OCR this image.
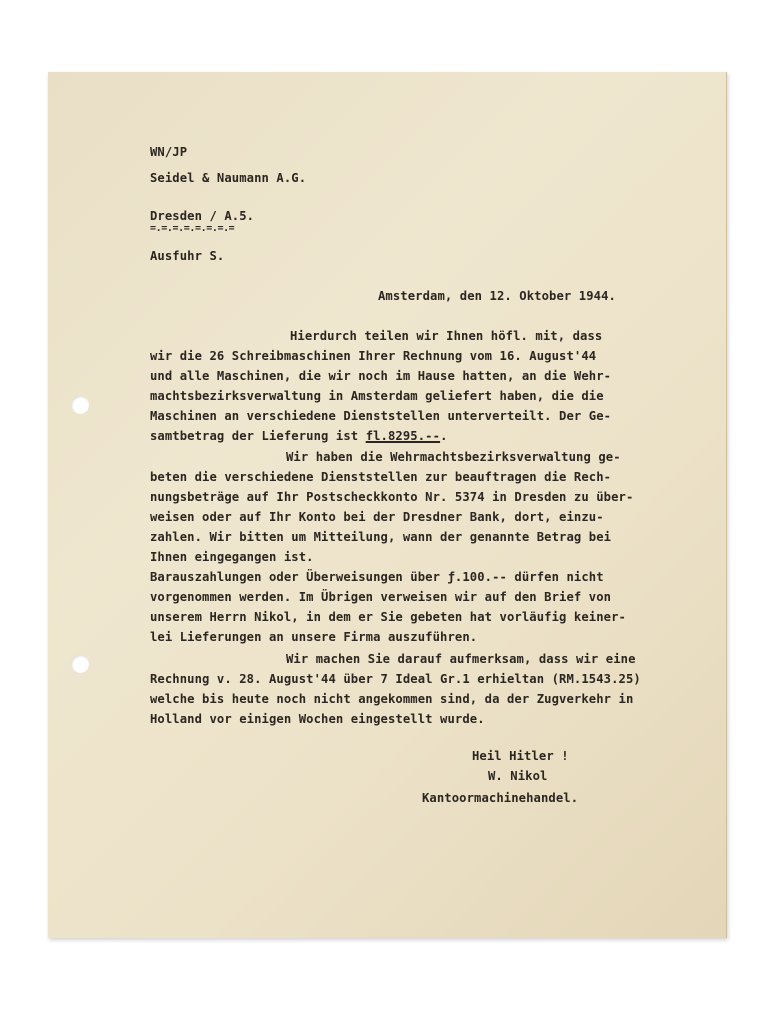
WN/JP
Seidel & Naumann A.G.
Dresden / A.5.
=.=.=.=.=.=.=.=
Ausfuhr S.
Amsterdam, den 12. Oktober 1944.
Hierdurch teilen wir Ihnen höfl. mit, dass
wir die 26 Schreibmaschinen Ihrer Rechnung vom 16. August'44
und alle Maschinen, die wir noch im Hause hatten, an die Wehr-
machtsbezirksverwaltung in Amsterdam geliefert haben, die die
Maschinen an verschiedene Dienststellen unterverteilt. Der Ge-
samtbetrag der Lieferung ist fl.8295.--.
Wir haben die Wehrmachtsbezirksverwaltung ge-
beten die verschiedene Dienststellen zur beauftragen die Rech-
nungsbeträge auf Ihr Postscheckkonto Nr. 5374 in Dresden zu über-
weisen oder auf Ihr Konto bei der Dresdner Bank, dort, einzu-
zahlen. Wir bitten um Mitteilung, wann der genannte Betrag bei
Ihnen eingegangen ist.
Barauszahlungen oder Überweisungen über ƒ.100.-- dürfen nicht
vorgenommen werden. Im Übrigen verweisen wir auf den Brief von
unserem Herrn Nikol, in dem er Sie gebeten hat vorläufig keiner-
lei Lieferungen an unsere Firma auszuführen.
Wir machen Sie darauf aufmerksam, dass wir eine
Rechnung v. 28. August'44 über 7 Ideal Gr.1 erhieltan (RM.1543.25)
welche bis heute noch nicht angekommen sind, da der Zugverkehr in
Holland vor einigen Wochen eingestellt wurde.
Heil Hitler !
W. Nikol
Kantoormachinehandel.
